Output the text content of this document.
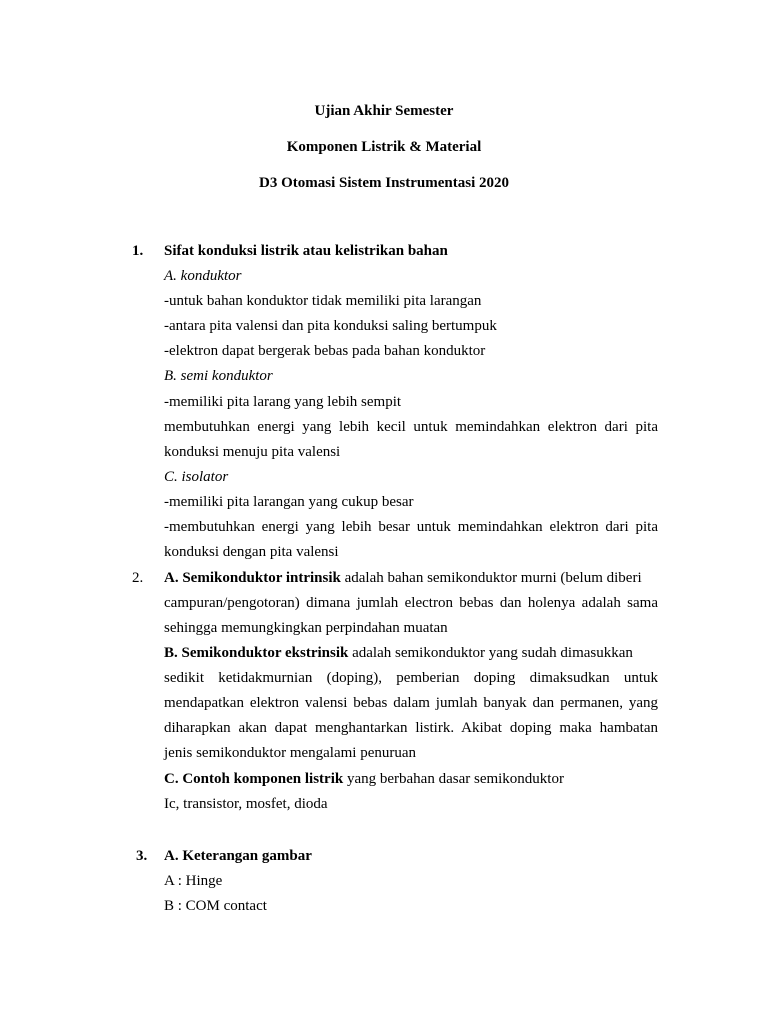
Ujian Akhir Semester
Komponen Listrik & Material
D3 Otomasi Sistem Instrumentasi 2020
1. Sifat konduksi listrik atau kelistrikan bahan
A. konduktor
-untuk bahan konduktor tidak memiliki pita larangan
-antara pita valensi dan pita konduksi saling bertumpuk
-elektron dapat bergerak bebas pada bahan konduktor
B. semi konduktor
-memiliki pita larang yang lebih sempit
membutuhkan energi yang lebih kecil untuk memindahkan elektron dari pita
konduksi menuju pita valensi
C. isolator
-memiliki pita larangan yang cukup besar
-membutuhkan energi yang lebih besar untuk memindahkan elektron dari pita
konduksi dengan pita valensi
2. A. Semikonduktor intrinsik adalah bahan semikonduktor murni (belum diberi
campuran/pengotoran) dimana jumlah electron bebas dan holenya adalah sama
sehingga memungkingkan perpindahan muatan
B. Semikonduktor ekstrinsik adalah semikonduktor yang sudah dimasukkan
sedikit ketidakmurnian (doping), pemberian doping dimaksudkan untuk
mendapatkan elektron valensi bebas dalam jumlah banyak dan permanen, yang
diharapkan akan dapat menghantarkan listirk. Akibat doping maka hambatan
jenis semikonduktor mengalami penuruan
C. Contoh komponen listrik yang berbahan dasar semikonduktor
Ic, transistor, mosfet, dioda
3. A. Keterangan gambar
A : Hinge
B : COM contact
